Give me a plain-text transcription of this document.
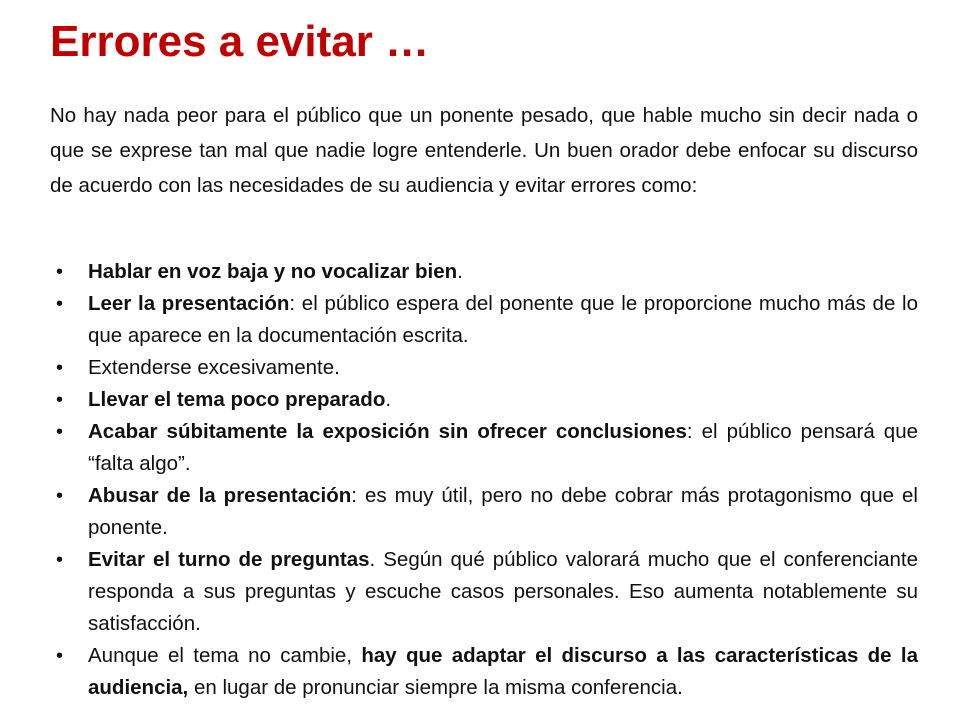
Errores a evitar …

No hay nada peor para el público que un ponente pesado, que hable mucho sin decir nada o que se exprese tan mal que nadie logre entenderle. Un buen orador debe enfocar su discurso de acuerdo con las necesidades de su audiencia y evitar errores como:

• Hablar en voz baja y no vocalizar bien.
• Leer la presentación: el público espera del ponente que le proporcione mucho más de lo que aparece en la documentación escrita.
• Extenderse excesivamente.
• Llevar el tema poco preparado.
• Acabar súbitamente la exposición sin ofrecer conclusiones: el público pensará que “falta algo”.
• Abusar de la presentación: es muy útil, pero no debe cobrar más protagonismo que el ponente.
• Evitar el turno de preguntas. Según qué público valorará mucho que el conferenciante responda a sus preguntas y escuche casos personales. Eso aumenta notablemente su satisfacción.
• Aunque el tema no cambie, hay que adaptar el discurso a las características de la audiencia, en lugar de pronunciar siempre la misma conferencia.
